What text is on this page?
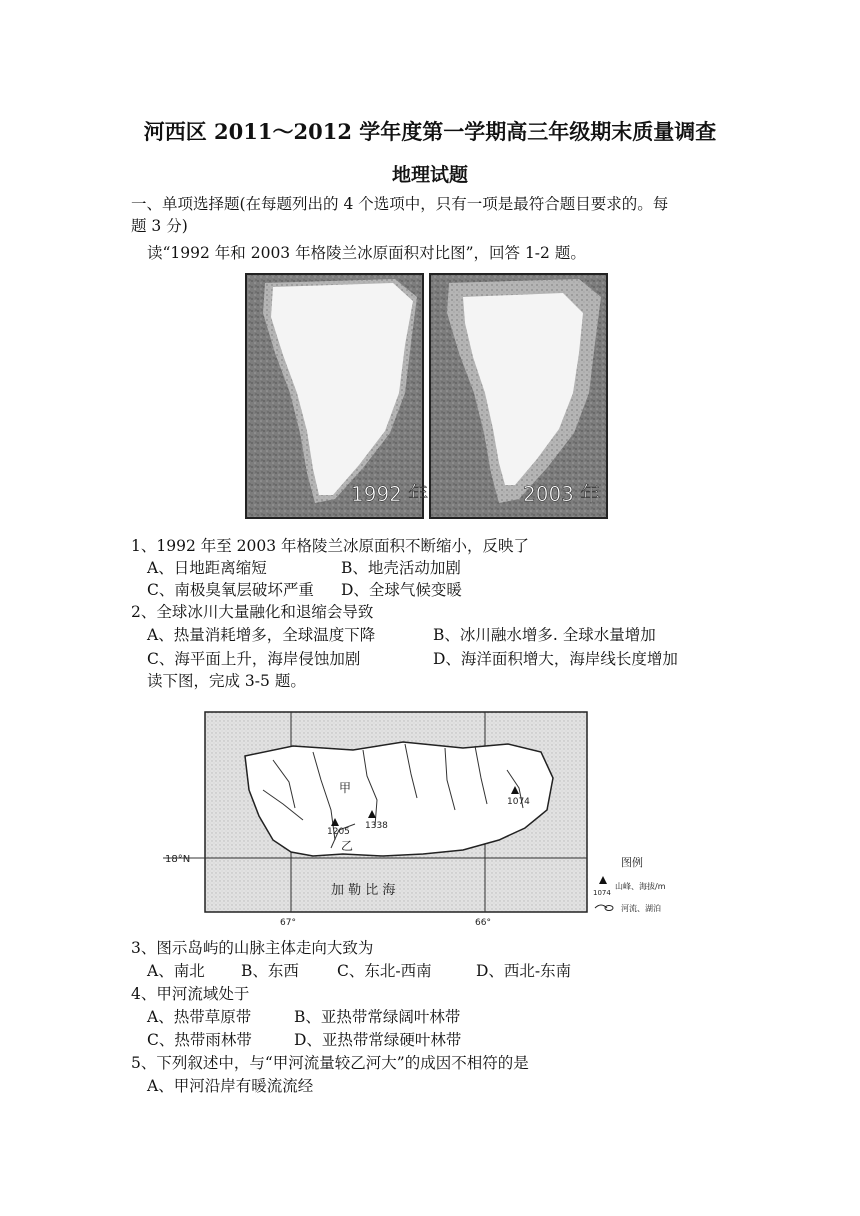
河西区 2011～2012 学年度第一学期高三年级期末质量调查
地理试题
一、单项选择题(在每题列出的 4 个选项中，只有一项是最符合题目要求的。每
题 3 分)
读“1992 年和 2003 年格陵兰冰原面积对比图”，回答 1-2 题。
1992 年	2003 年
1、1992 年至 2003 年格陵兰冰原面积不断缩小，反映了
A、日地距离缩短	B、地壳活动加剧
C、南极臭氧层破坏严重 D、全球气候变暖
2、全球冰川大量融化和退缩会导致
A、热量消耗增多，全球温度下降	B、冰川融水增多. 全球水量增加
C、海平面上升，海岸侵蚀加剧	D、海洋面积增大，海岸线长度增加
读下图，完成 3-5 题。
1338
1205
1074
甲
乙
18°N
67°	66°
加 勒 比 海
图例
1074
山峰、海拔/m
河流、湖泊
3、图示岛屿的山脉主体走向大致为
A、南北 B、东西 C、东北-西南	D、西北-东南
4、甲河流域处于
A、热带草原带	B、亚热带常绿阔叶林带
C、热带雨林带	D、亚热带常绿硬叶林带
5、下列叙述中，与“甲河流量较乙河大”的成因不相符的是
A、甲河沿岸有暖流流经
